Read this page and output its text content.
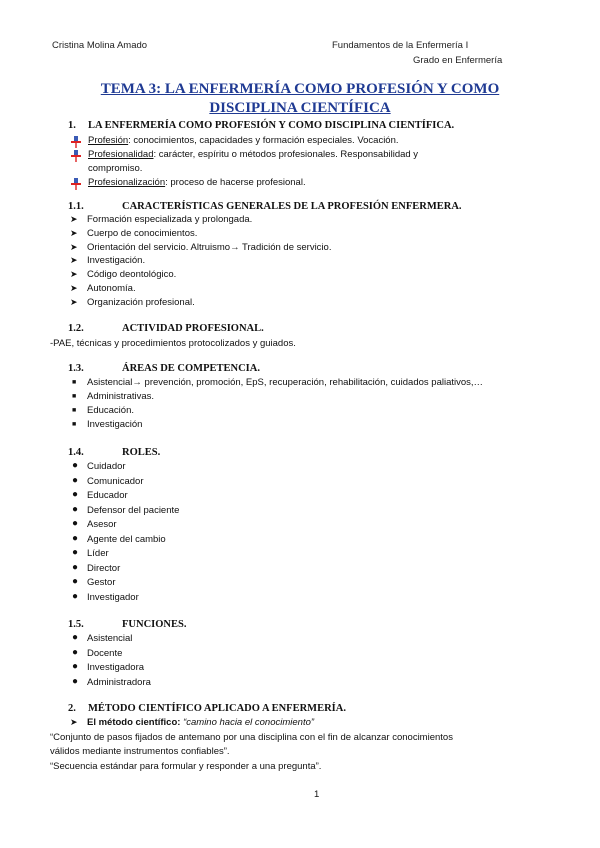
Cristina Molina Amado	Fundamentos de la Enfermería I
Grado en Enfermería
TEMA 3: LA ENFERMERÍA COMO PROFESIÓN Y COMO
DISCIPLINA CIENTÍFICA
1. LA ENFERMERÍA COMO PROFESIÓN Y COMO DISCIPLINA CIENTÍFICA.
Profesión: conocimientos, capacidades y formación especiales. Vocación.
Profesionalidad: carácter, espíritu o métodos profesionales. Responsabilidad y
compromiso.
Profesionalización: proceso de hacerse profesional.
1.1.	CARACTERÍSTICAS GENERALES DE LA PROFESIÓN ENFERMERA.
➤ Formación especializada y prolongada.
➤ Cuerpo de conocimientos.
➤ Orientación del servicio. Altruismo→ Tradición de servicio.
➤ Investigación.
➤ Código deontológico.
➤ Autonomía.
➤ Organización profesional.
1.2.	ACTIVIDAD PROFESIONAL.
-PAE, técnicas y procedimientos protocolizados y guiados.
1.3.	ÁREAS DE COMPETENCIA.
■ Asistencial→ prevención, promoción, EpS, recuperación, rehabilitación, cuidados paliativos,…
■ Administrativas.
■ Educación.
■ Investigación
1.4.	ROLES.
● Cuidador
● Comunicador
● Educador
● Defensor del paciente
● Asesor
● Agente del cambio
● Líder
● Director
● Gestor
● Investigador
1.5.	FUNCIONES.
● Asistencial
● Docente
● Investigadora
● Administradora
2. MÉTODO CIENTÍFICO APLICADO A ENFERMERÍA.
➤ El método científico: “camino hacia el conocimiento”
“Conjunto de pasos fijados de antemano por una disciplina con el fin de alcanzar conocimientos
válidos mediante instrumentos confiables”.
“Secuencia estándar para formular y responder a una pregunta”.
1
